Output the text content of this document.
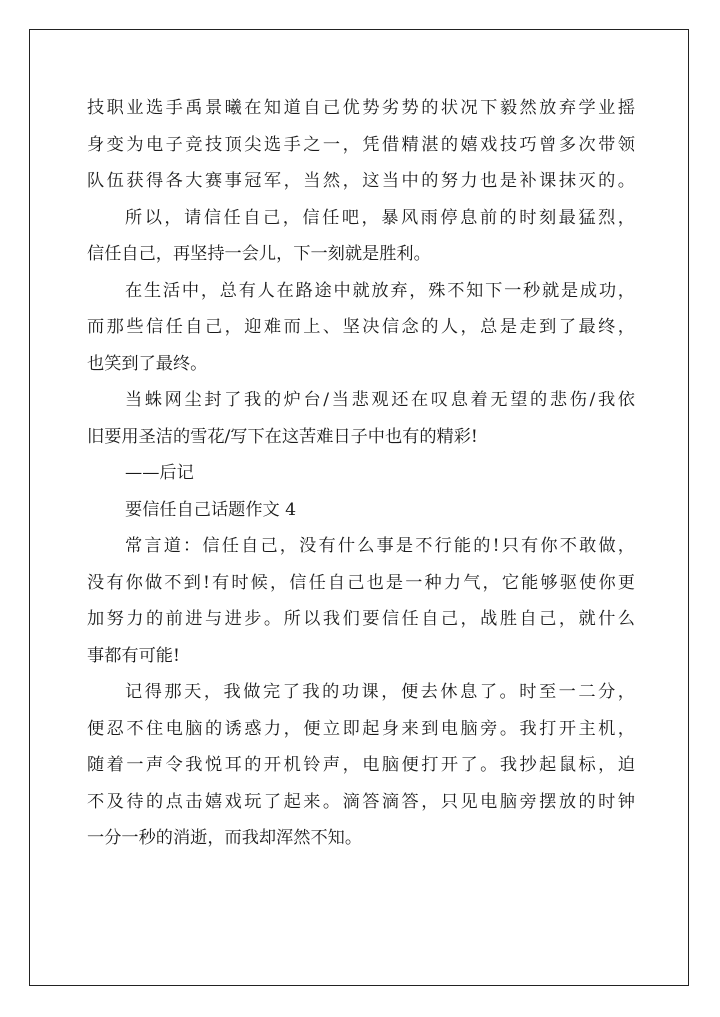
技职业选手禹景曦在知道自己优势劣势的状况下毅然放弃学业摇
身变为电子竞技顶尖选手之一，凭借精湛的嬉戏技巧曾多次带领
队伍获得各大赛事冠军，当然，这当中的努力也是补课抹灭的。
所以，请信任自己，信任吧，暴风雨停息前的时刻最猛烈，
信任自己，再坚持一会儿，下一刻就是胜利。
在生活中，总有人在路途中就放弃，殊不知下一秒就是成功，
而那些信任自己，迎难而上、坚决信念的人，总是走到了最终，
也笑到了最终。
当蛛网尘封了我的炉台/当悲观还在叹息着无望的悲伤/我依
旧要用圣洁的雪花/写下在这苦难日子中也有的精彩!
——后记
要信任自己话题作文 4
常言道：信任自己，没有什么事是不行能的!只有你不敢做，
没有你做不到!有时候，信任自己也是一种力气，它能够驱使你更
加努力的前进与进步。所以我们要信任自己，战胜自己，就什么
事都有可能!
记得那天，我做完了我的功课，便去休息了。时至一二分，
便忍不住电脑的诱惑力，便立即起身来到电脑旁。我打开主机，
随着一声令我悦耳的开机铃声，电脑便打开了。我抄起鼠标，迫
不及待的点击嬉戏玩了起来。滴答滴答，只见电脑旁摆放的时钟
一分一秒的消逝，而我却浑然不知。
